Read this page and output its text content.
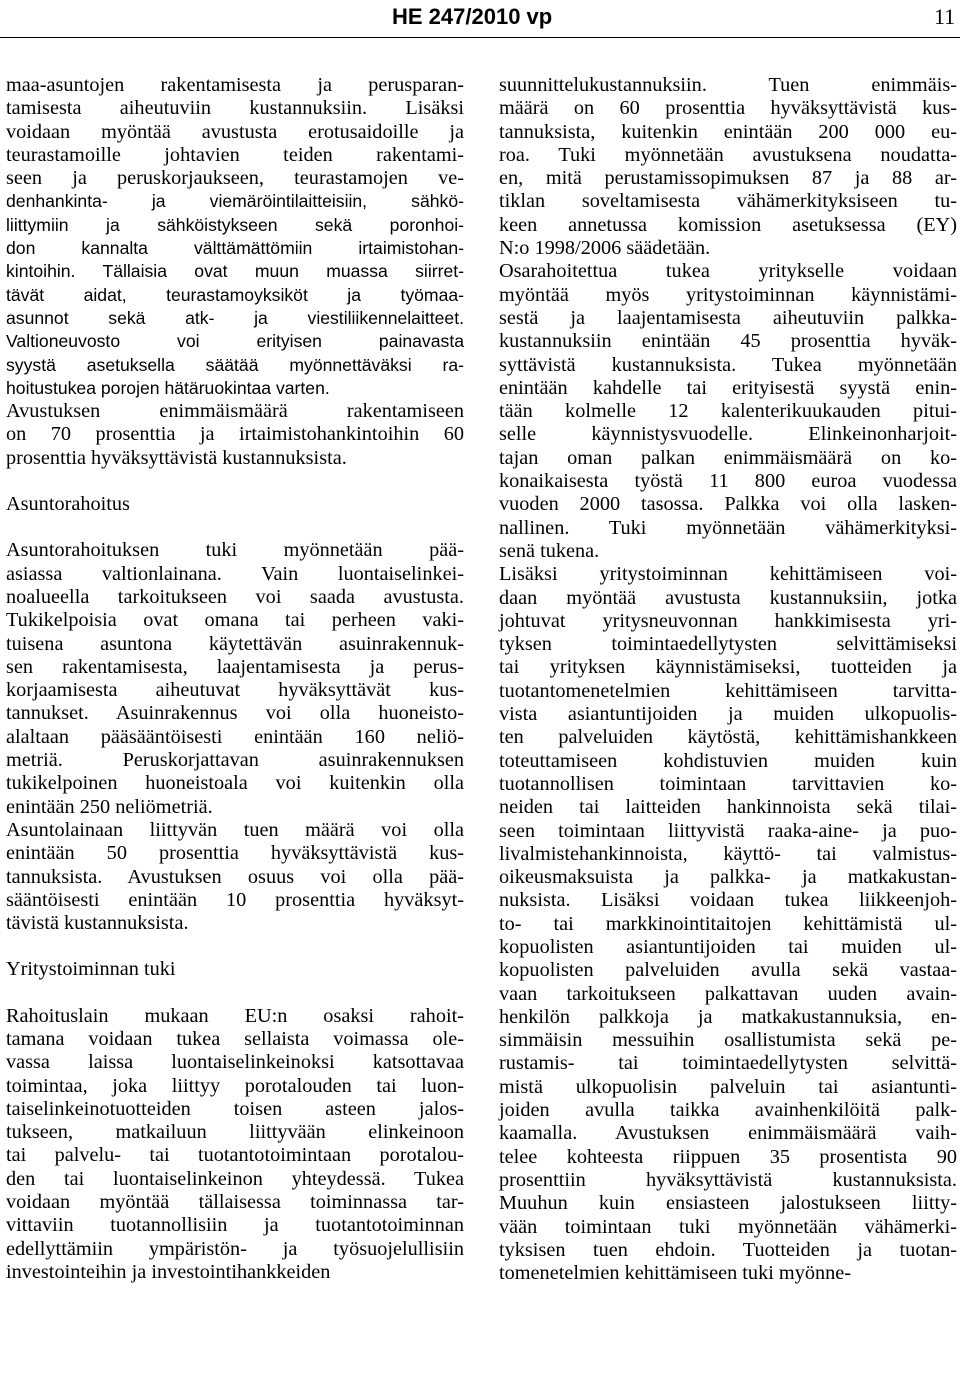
HE 247/2010 vp	11

maa-asuntojen rakentamisesta ja perusparan-
tamisesta aiheutuviin kustannuksiin. Lisäksi
voidaan myöntää avustusta erotusaidoille ja
teurastamoille johtavien teiden rakentami-
seen ja peruskorjaukseen, teurastamojen ve-
denhankinta- ja viemäröintilaitteisiin, sähkö-
liittymiin ja sähköistykseen sekä poronhoi-
don kannalta välttämättömiin irtaimistohan-
kintoihin. Tällaisia ovat muun muassa siirret-
tävät aidat, teurastamoyksiköt ja työmaa-
asunnot sekä atk- ja viestiliikennelaitteet.
Valtioneuvosto voi erityisen painavasta
syystä asetuksella säätää myönnettäväksi ra-
hoitustukea porojen hätäruokintaa varten.

Avustuksen enimmäismäärä rakentamiseen
on 70 prosenttia ja irtaimistohankintoihin 60
prosenttia hyväksyttävistä kustannuksista.

Asuntorahoitus

Asuntorahoituksen tuki myönnetään pää-
asiassa valtionlainana. Vain luontaiselinkei-
noalueella tarkoitukseen voi saada avustusta.
Tukikelpoisia ovat omana tai perheen vaki-
tuisena asuntona käytettävän asuinrakennuk-
sen rakentamisesta, laajentamisesta ja perus-
korjaamisesta aiheutuvat hyväksyttävät kus-
tannukset. Asuinrakennus voi olla huoneisto-
alaltaan pääsääntöisesti enintään 160 neliö-
metriä. Peruskorjattavan asuinrakennuksen
tukikelpoinen huoneistoala voi kuitenkin olla
enintään 250 neliömetriä.

Asuntolainaan liittyvän tuen määrä voi olla
enintään 50 prosenttia hyväksyttävistä kus-
tannuksista. Avustuksen osuus voi olla pää-
sääntöisesti enintään 10 prosenttia hyväksyt-
tävistä kustannuksista.

Yritystoiminnan tuki

Rahoituslain mukaan EU:n osaksi rahoit-
tamana voidaan tukea sellaista voimassa ole-
vassa laissa luontaiselinkeinoksi katsottavaa
toimintaa, joka liittyy porotalouden tai luon-
taiselinkeinotuotteiden toisen asteen jalos-
tukseen, matkailuun liittyvään elinkeinoon
tai palvelu- tai tuotantotoimintaan porotalou-
den tai luontaiselinkeinon yhteydessä. Tukea
voidaan myöntää tällaisessa toiminnassa tar-
vittaviin tuotannollisiin ja tuotantotoiminnan
edellyttämiin ympäristön- ja työsuojelullisiin
investointeihin ja investointihankkeiden

suunnittelukustannuksiin. Tuen enimmäis-
määrä on 60 prosenttia hyväksyttävistä kus-
tannuksista, kuitenkin enintään 200 000 eu-
roa. Tuki myönnetään avustuksena noudatta-
en, mitä perustamissopimuksen 87 ja 88 ar-
tiklan soveltamisesta vähämerkityksiseen tu-
keen annetussa komission asetuksessa (EY)
N:o 1998/2006 säädetään.

Osarahoitettua tukea yritykselle voidaan
myöntää myös yritystoiminnan käynnistämi-
sestä ja laajentamisesta aiheutuviin palkka-
kustannuksiin enintään 45 prosenttia hyväk-
syttävistä kustannuksista. Tukea myönnetään
enintään kahdelle tai erityisestä syystä enin-
tään kolmelle 12 kalenterikuukauden pitui-
selle käynnistysvuodelle. Elinkeinonharjoit-
tajan oman palkan enimmäismäärä on ko-
konaikaisesta työstä 11 800 euroa vuodessa
vuoden 2000 tasossa. Palkka voi olla lasken-
nallinen. Tuki myönnetään vähämerkityksi-
senä tukena.

Lisäksi yritystoiminnan kehittämiseen voi-
daan myöntää avustusta kustannuksiin, jotka
johtuvat yritysneuvonnan hankkimisesta yri-
tyksen toimintaedellytysten selvittämiseksi
tai yrityksen käynnistämiseksi, tuotteiden ja
tuotantomenetelmien kehittämiseen tarvitta-
vista asiantuntijoiden ja muiden ulkopuolis-
ten palveluiden käytöstä, kehittämishankkeen
toteuttamiseen kohdistuvien muiden kuin
tuotannollisen toimintaan tarvittavien ko-
neiden tai laitteiden hankinnoista sekä tilai-
seen toimintaan liittyvistä raaka-aine- ja puo-
livalmistehankinnoista, käyttö- tai valmistus-
oikeusmaksuista ja palkka- ja matkakustan-
nuksista. Lisäksi voidaan tukea liikkeenjoh-
to- tai markkinointitaitojen kehittämistä ul-
kopuolisten asiantuntijoiden tai muiden ul-
kopuolisten palveluiden avulla sekä vastaa-
vaan tarkoitukseen palkattavan uuden avain-
henkilön palkkoja ja matkakustannuksia, en-
simmäisin messuihin osallistumista sekä pe-
rustamis- tai toimintaedellytysten selvittä-
mistä ulkopuolisin palveluin tai asiantunti-
joiden avulla taikka avainhenkilöitä palk-
kaamalla. Avustuksen enimmäismäärä vaih-
telee kohteesta riippuen 35 prosentista 90
prosenttiin hyväksyttävistä kustannuksista.
Muuhun kuin ensiasteen jalostukseen liitty-
vään toimintaan tuki myönnetään vähämerki-
tyksisen tuen ehdoin. Tuotteiden ja tuotan-
tomenetelmien kehittämiseen tuki myönne-
